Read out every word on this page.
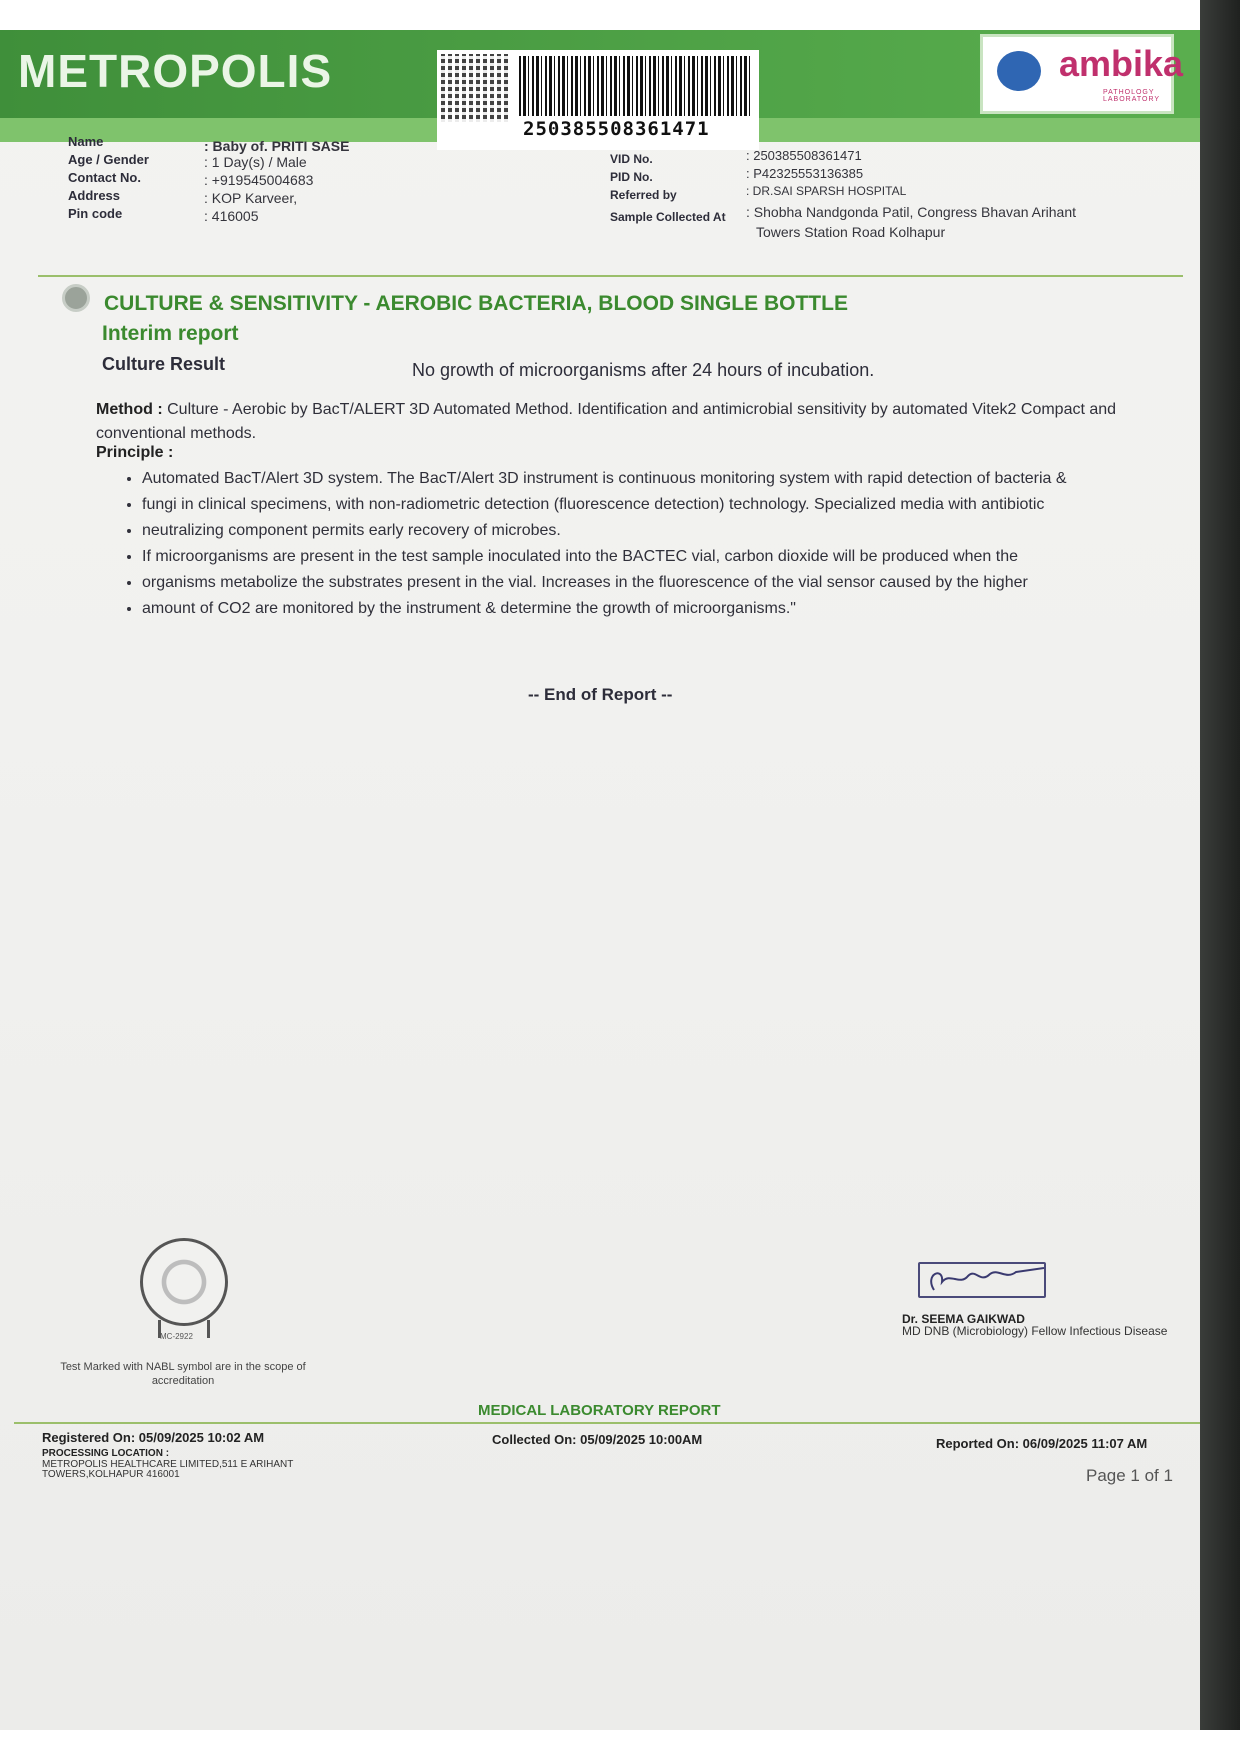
METROPOLIS
250385508361471
ambika
PATHOLOGY LABORATORY
Name	: Baby of. PRITI SASE
Age / Gender	: 1 Day(s) / Male
Contact No.	: +919545004683
Address	: KOP Karveer,
Pin code	: 416005
VID No.	: 250385508361471
PID No.	: P42325553136385
Referred by	: DR.SAI SPARSH HOSPITAL
Sample Collected At : Shobha Nandgonda Patil, Congress Bhavan Arihant
Towers Station Road Kolhapur
CULTURE & SENSITIVITY - AEROBIC BACTERIA, BLOOD SINGLE BOTTLE
Interim report
Culture Result	No growth of microorganisms after 24 hours of incubation.
Method : Culture - Aerobic by BacT/ALERT 3D Automated Method. Identification and antimicrobial sensitivity by automated Vitek2 Compact and conventional methods.
Principle :
• Automated BacT/Alert 3D system. The BacT/Alert 3D instrument is continuous monitoring system with rapid detection of bacteria &
• fungi in clinical specimens, with non-radiometric detection (fluorescence detection) technology. Specialized media with antibiotic
• neutralizing component permits early recovery of microbes.
• If microorganisms are present in the test sample inoculated into the BACTEC vial, carbon dioxide will be produced when the
• organisms metabolize the substrates present in the vial. Increases in the fluorescence of the vial sensor caused by the higher
• amount of CO2 are monitored by the instrument & determine the growth of microorganisms."
-- End of Report --
MC-2922
Test Marked with NABL symbol are in the scope of accreditation
Dr. SEEMA GAIKWAD
MD DNB (Microbiology) Fellow Infectious Disease
MEDICAL LABORATORY REPORT
Registered On: 05/09/2025 10:02 AM
PROCESSING LOCATION :
METROPOLIS HEALTHCARE LIMITED,511 E ARIHANT TOWERS,KOLHAPUR 416001
Collected On: 05/09/2025 10:00AM	Reported On: 06/09/2025 11:07 AM
Page 1 of 1
